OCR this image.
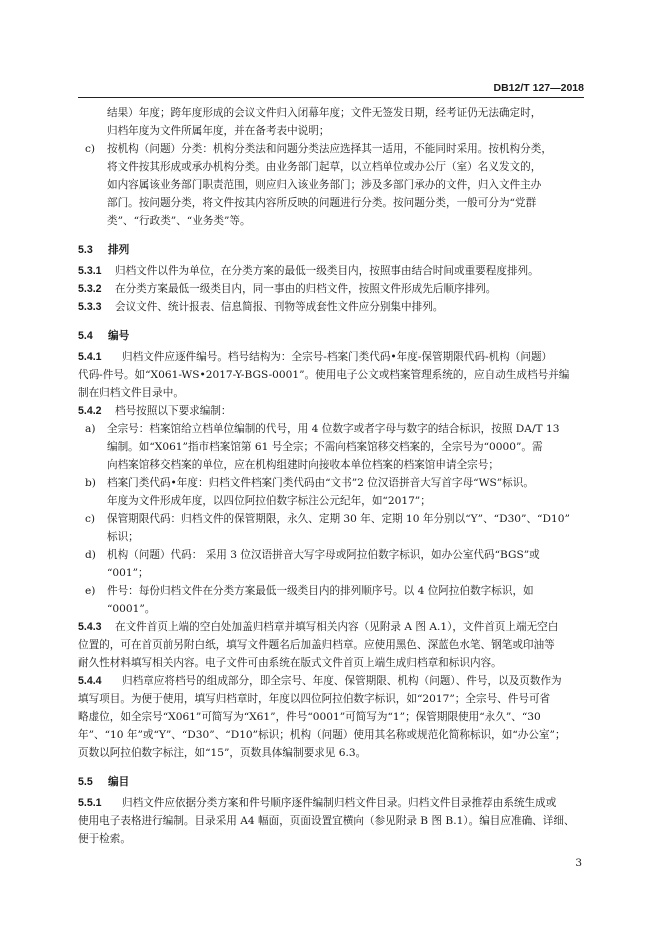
DB12/T 127—2018
结果）年度；跨年度形成的会议文件归入闭幕年度；文件无签发日期，经考证仍无法确定时，
归档年度为文件所属年度，并在备考表中说明；
c) 按机构（问题）分类：机构分类法和问题分类法应选择其一适用，不能同时采用。按机构分类，
将文件按其形成或承办机构分类。由业务部门起草，以立档单位或办公厅（室）名义发文的，
如内容属该业务部门职责范围，则应归入该业务部门；涉及多部门承办的文件，归入文件主办
部门。按问题分类，将文件按其内容所反映的问题进行分类。按问题分类，一般可分为“党群
类”、“行政类”、“业务类”等。
5.3 排列
5.3.1 归档文件以件为单位，在分类方案的最低一级类目内，按照事由结合时间或重要程度排列。
5.3.2 在分类方案最低一级类目内，同一事由的归档文件，按照文件形成先后顺序排列。
5.3.3 会议文件、统计报表、信息简报、刊物等成套性文件应分别集中排列。
5.4 编号
5.4.1 归档文件应逐件编号。档号结构为：全宗号-档案门类代码•年度-保管期限代码-机构（问题）
代码-件号。如“X061-WS•2017-Y-BGS-0001”。使用电子公文或档案管理系统的，应自动生成档号并编
制在归档文件目录中。
5.4.2 档号按照以下要求编制：
a) 全宗号：档案馆给立档单位编制的代号，用 4 位数字或者字母与数字的结合标识，按照 DA/T 13
编制。如“X061”指市档案馆第 61 号全宗；不需向档案馆移交档案的，全宗号为“0000”。需
向档案馆移交档案的单位，应在机构组建时向接收本单位档案的档案馆申请全宗号；
b) 档案门类代码•年度：归档文件档案门类代码由“文书”2 位汉语拼音大写首字母“WS”标识。
年度为文件形成年度，以四位阿拉伯数字标注公元纪年，如“2017”；
c) 保管期限代码：归档文件的保管期限，永久、定期 30 年、定期 10 年分别以“Y”、“D30”、“D10”
标识；
d) 机构（问题）代码： 采用 3 位汉语拼音大写字母或阿拉伯数字标识，如办公室代码“BGS”或
“001”；
e) 件号：每份归档文件在分类方案最低一级类目内的排列顺序号。以 4 位阿拉伯数字标识，如
“0001”。
5.4.3 在文件首页上端的空白处加盖归档章并填写相关内容（见附录 A 图 A.1），文件首页上端无空白
位置的，可在首页前另附白纸，填写文件题名后加盖归档章。应使用黑色、深蓝色水笔、钢笔或印油等
耐久性材料填写相关内容。电子文件可由系统在版式文件首页上端生成归档章和标识内容。
5.4.4 归档章应将档号的组成部分，即全宗号、年度、保管期限、机构（问题）、件号，以及页数作为
填写项目。为便于使用，填写归档章时，年度以四位阿拉伯数字标识，如“2017”；全宗号、件号可省
略虚位，如全宗号“X061”可简写为“X61”，件号“0001”可简写为“1”；保管期限使用“永久”、“30
年”、“10 年”或“Y”、“D30”、“D10”标识；机构（问题）使用其名称或规范化简称标识，如“办公室”；
页数以阿拉伯数字标注，如“15”，页数具体编制要求见 6.3。
5.5 编目
5.5.1 归档文件应依据分类方案和件号顺序逐件编制归档文件目录。归档文件目录推荐由系统生成或
使用电子表格进行编制。目录采用 A4 幅面，页面设置宜横向（参见附录 B 图 B.1）。编目应准确、详细、
便于检索。
3
